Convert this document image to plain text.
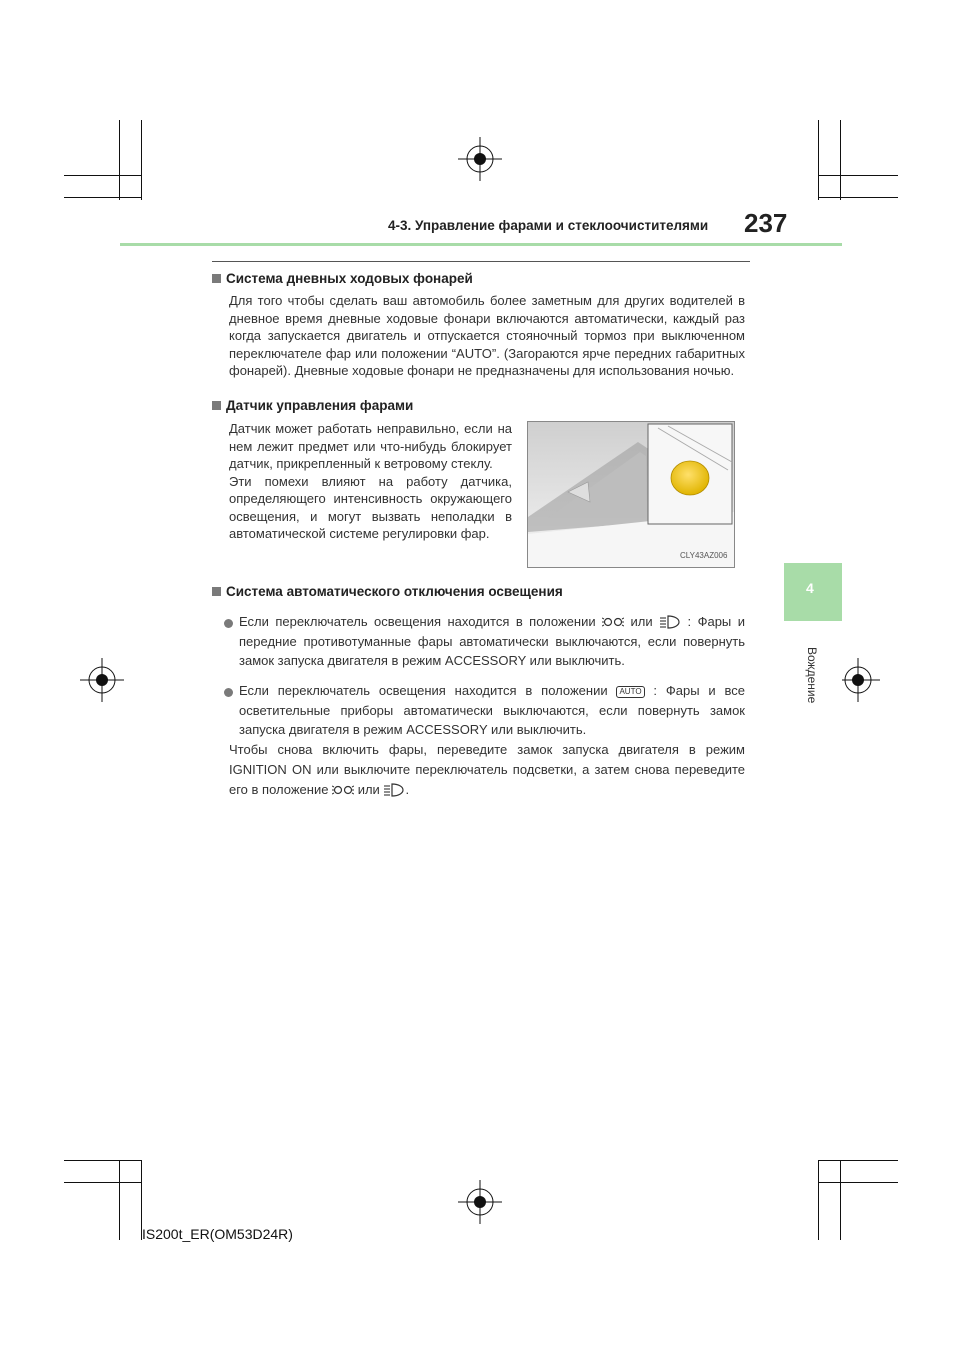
4-3. Управление фарами и стеклоочистителями 237
4
Вождение
Система дневных ходовых фонарей
Для того чтобы сделать ваш автомобиль более заметным для других водителей в дневное время дневные ходовые фонари включаются автоматически, каждый раз когда запускается двигатель и отпускается стояночный тормоз при выключенном переключателе фар или положении “AUTO”. (Загораются ярче передних габаритных фонарей). Дневные ходовые фонари не предназначены для использования ночью.
Датчик управления фарами
Датчик может работать неправильно, если на нем лежит предмет или что-нибудь блокирует датчик, прикрепленный к ветровому стеклу.
Эти помехи влияют на работу датчика, определяющего интенсивность окружающего освещения, и могут вызвать неполадки в автоматической системе регулировки фар.
CLY43AZ006
Система автоматического отключения освещения
Если переключатель освещения находится в положении	или	: Фары и передние противотуманные фары автоматически выключаются, если повернуть замок запуска двигателя в режим ACCESSORY или выключить.
Если переключатель освещения находится в положении AUTO : Фары и все осветительные приборы автоматически выключаются, если повернуть замок запуска двигателя в режим ACCESSORY или выключить.
Чтобы снова включить фары, переведите замок запуска двигателя в режим IGNITION ON или выключите переключатель подсветки, а затем снова переведите его в положение или .
IS200t_ER(OM53D24R)
